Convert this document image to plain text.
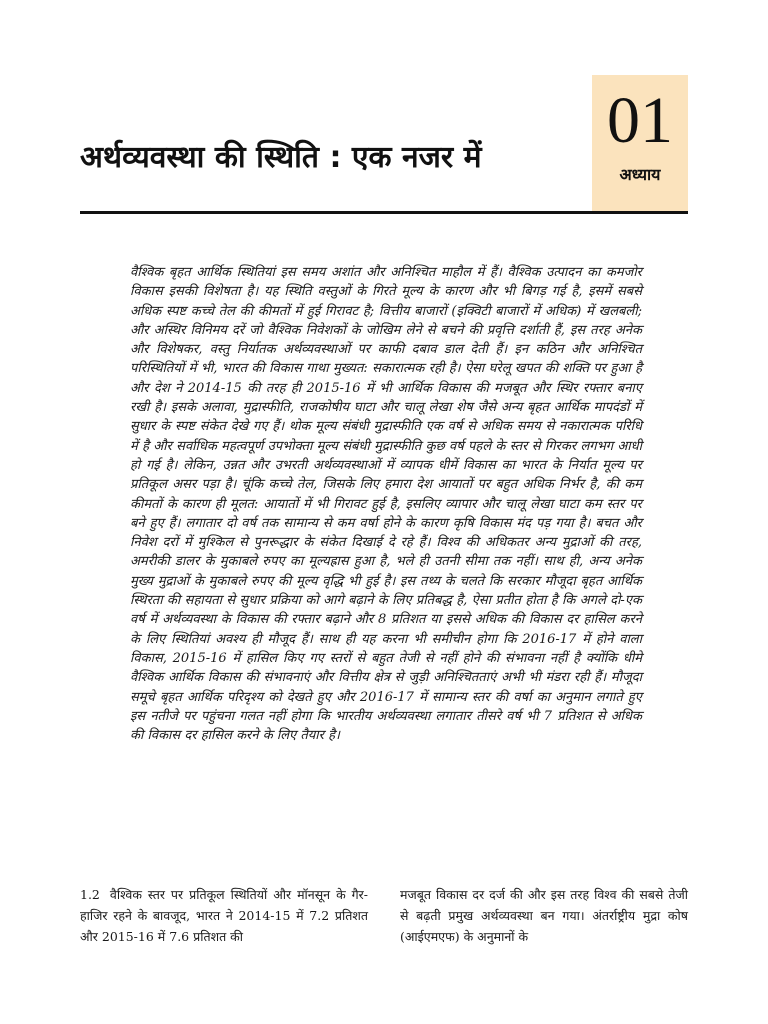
01
अध्याय
अर्थव्यवस्था की स्थिति : एक नजर में

वैश्विक बृहत आर्थिक स्थितियां इस समय अशांत और अनिश्चित माहौल में हैं। वैश्विक उत्पादन का कमजोर विकास इसकी विशेषता है। यह स्थिति वस्तुओं के गिरते मूल्य के कारण और भी बिगड़ गई है, इसमें सबसे अधिक स्पष्ट कच्चे तेल की कीमतों में हुई गिरावट है; वित्तीय बाजारों (इक्विटी बाजारों में अधिक) में खलबली; और अस्थिर विनिमय दरें जो वैश्विक निवेशकों के जोखिम लेने से बचने की प्रवृत्ति दर्शाती हैं, इस तरह अनेक और विशेषकर, वस्तु निर्यातक अर्थव्यवस्थाओं पर काफी दबाव डाल देती हैं। इन कठिन और अनिश्चित परिस्थितियों में भी, भारत की विकास गाथा मुख्यत: सकारात्मक रही है। ऐसा घरेलू खपत की शक्ति पर हुआ है और देश ने 2014-15 की तरह ही 2015-16 में भी आर्थिक विकास की मजबूत और स्थिर रफ्तार बनाए रखी है। इसके अलावा, मुद्रास्फीति, राजकोषीय घाटा और चालू लेखा शेष जैसे अन्य बृहत आर्थिक मापदंडों में सुधार के स्पष्ट संकेत देखे गए हैं। थोक मूल्य संबंधी मुद्रास्फीति एक वर्ष से अधिक समय से नकारात्मक परिधि में है और सर्वाधिक महत्वपूर्ण उपभोक्ता मूल्य संबंधी मुद्रास्फीति कुछ वर्ष पहले के स्तर से गिरकर लगभग आधी हो गई है। लेकिन, उन्नत और उभरती अर्थव्यवस्थाओं में व्यापक धीमें विकास का भारत के निर्यात मूल्य पर प्रतिकूल असर पड़ा है। चूंकि कच्चे तेल, जिसके लिए हमारा देश आयातों पर बहुत अधिक निर्भर है, की कम कीमतों के कारण ही मूलत: आयातों में भी गिरावट हुई है, इसलिए व्यापार और चालू लेखा घाटा कम स्तर पर बने हुए हैं। लगातार दो वर्ष तक सामान्य से कम वर्षा होने के कारण कृषि विकास मंद पड़ गया है। बचत और निवेश दरों में मुश्किल से पुनरूद्धार के संकेत दिखाई दे रहे हैं। विश्व की अधिकतर अन्य मुद्राओं की तरह, अमरीकी डालर के मुकाबले रुपए का मूल्यह्रास हुआ है, भले ही उतनी सीमा तक नहीं। साथ ही, अन्य अनेक मुख्य मुद्राओं के मुकाबले रुपए की मूल्य वृद्धि भी हुई है। इस तथ्य के चलते कि सरकार मौजूदा बृहत आर्थिक स्थिरता की सहायता से सुधार प्रक्रिया को आगे बढ़ाने के लिए प्रतिबद्ध है, ऐसा प्रतीत होता है कि अगले दो-एक वर्ष में अर्थव्यवस्था के विकास की रफ्तार बढ़ाने और 8 प्रतिशत या इससे अधिक की विकास दर हासिल करने के लिए स्थितियां अवश्य ही मौजूद हैं। साथ ही यह करना भी समीचीन होगा कि 2016-17 में होने वाला विकास, 2015-16 में हासिल किए गए स्तरों से बहुत तेजी से नहीं होने की संभावना नहीं है क्योंकि धीमे वैश्विक आर्थिक विकास की संभावनाएं और वित्तीय क्षेत्र से जुड़ी अनिश्चितताएं अभी भी मंडरा रही हैं। मौजूदा समूचे बृहत आर्थिक परिदृश्य को देखते हुए और 2016-17 में सामान्य स्तर की वर्षा का अनुमान लगाते हुए इस नतीजे पर पहुंचना गलत नहीं होगा कि भारतीय अर्थव्यवस्था लगातार तीसरे वर्ष भी 7 प्रतिशत से अधिक की विकास दर हासिल करने के लिए तैयार है।

1.2 वैश्विक स्तर पर प्रतिकूल स्थितियों और मॉनसून के गैर-हाजिर रहने के बावजूद, भारत ने 2014-15 में 7.2 प्रतिशत और 2015-16 में 7.6 प्रतिशत की

मजबूत विकास दर दर्ज की और इस तरह विश्व की सबसे तेजी से बढ़ती प्रमुख अर्थव्यवस्था बन गया। अंतर्राष्ट्रीय मुद्रा कोष (आईएमएफ) के अनुमानों के
